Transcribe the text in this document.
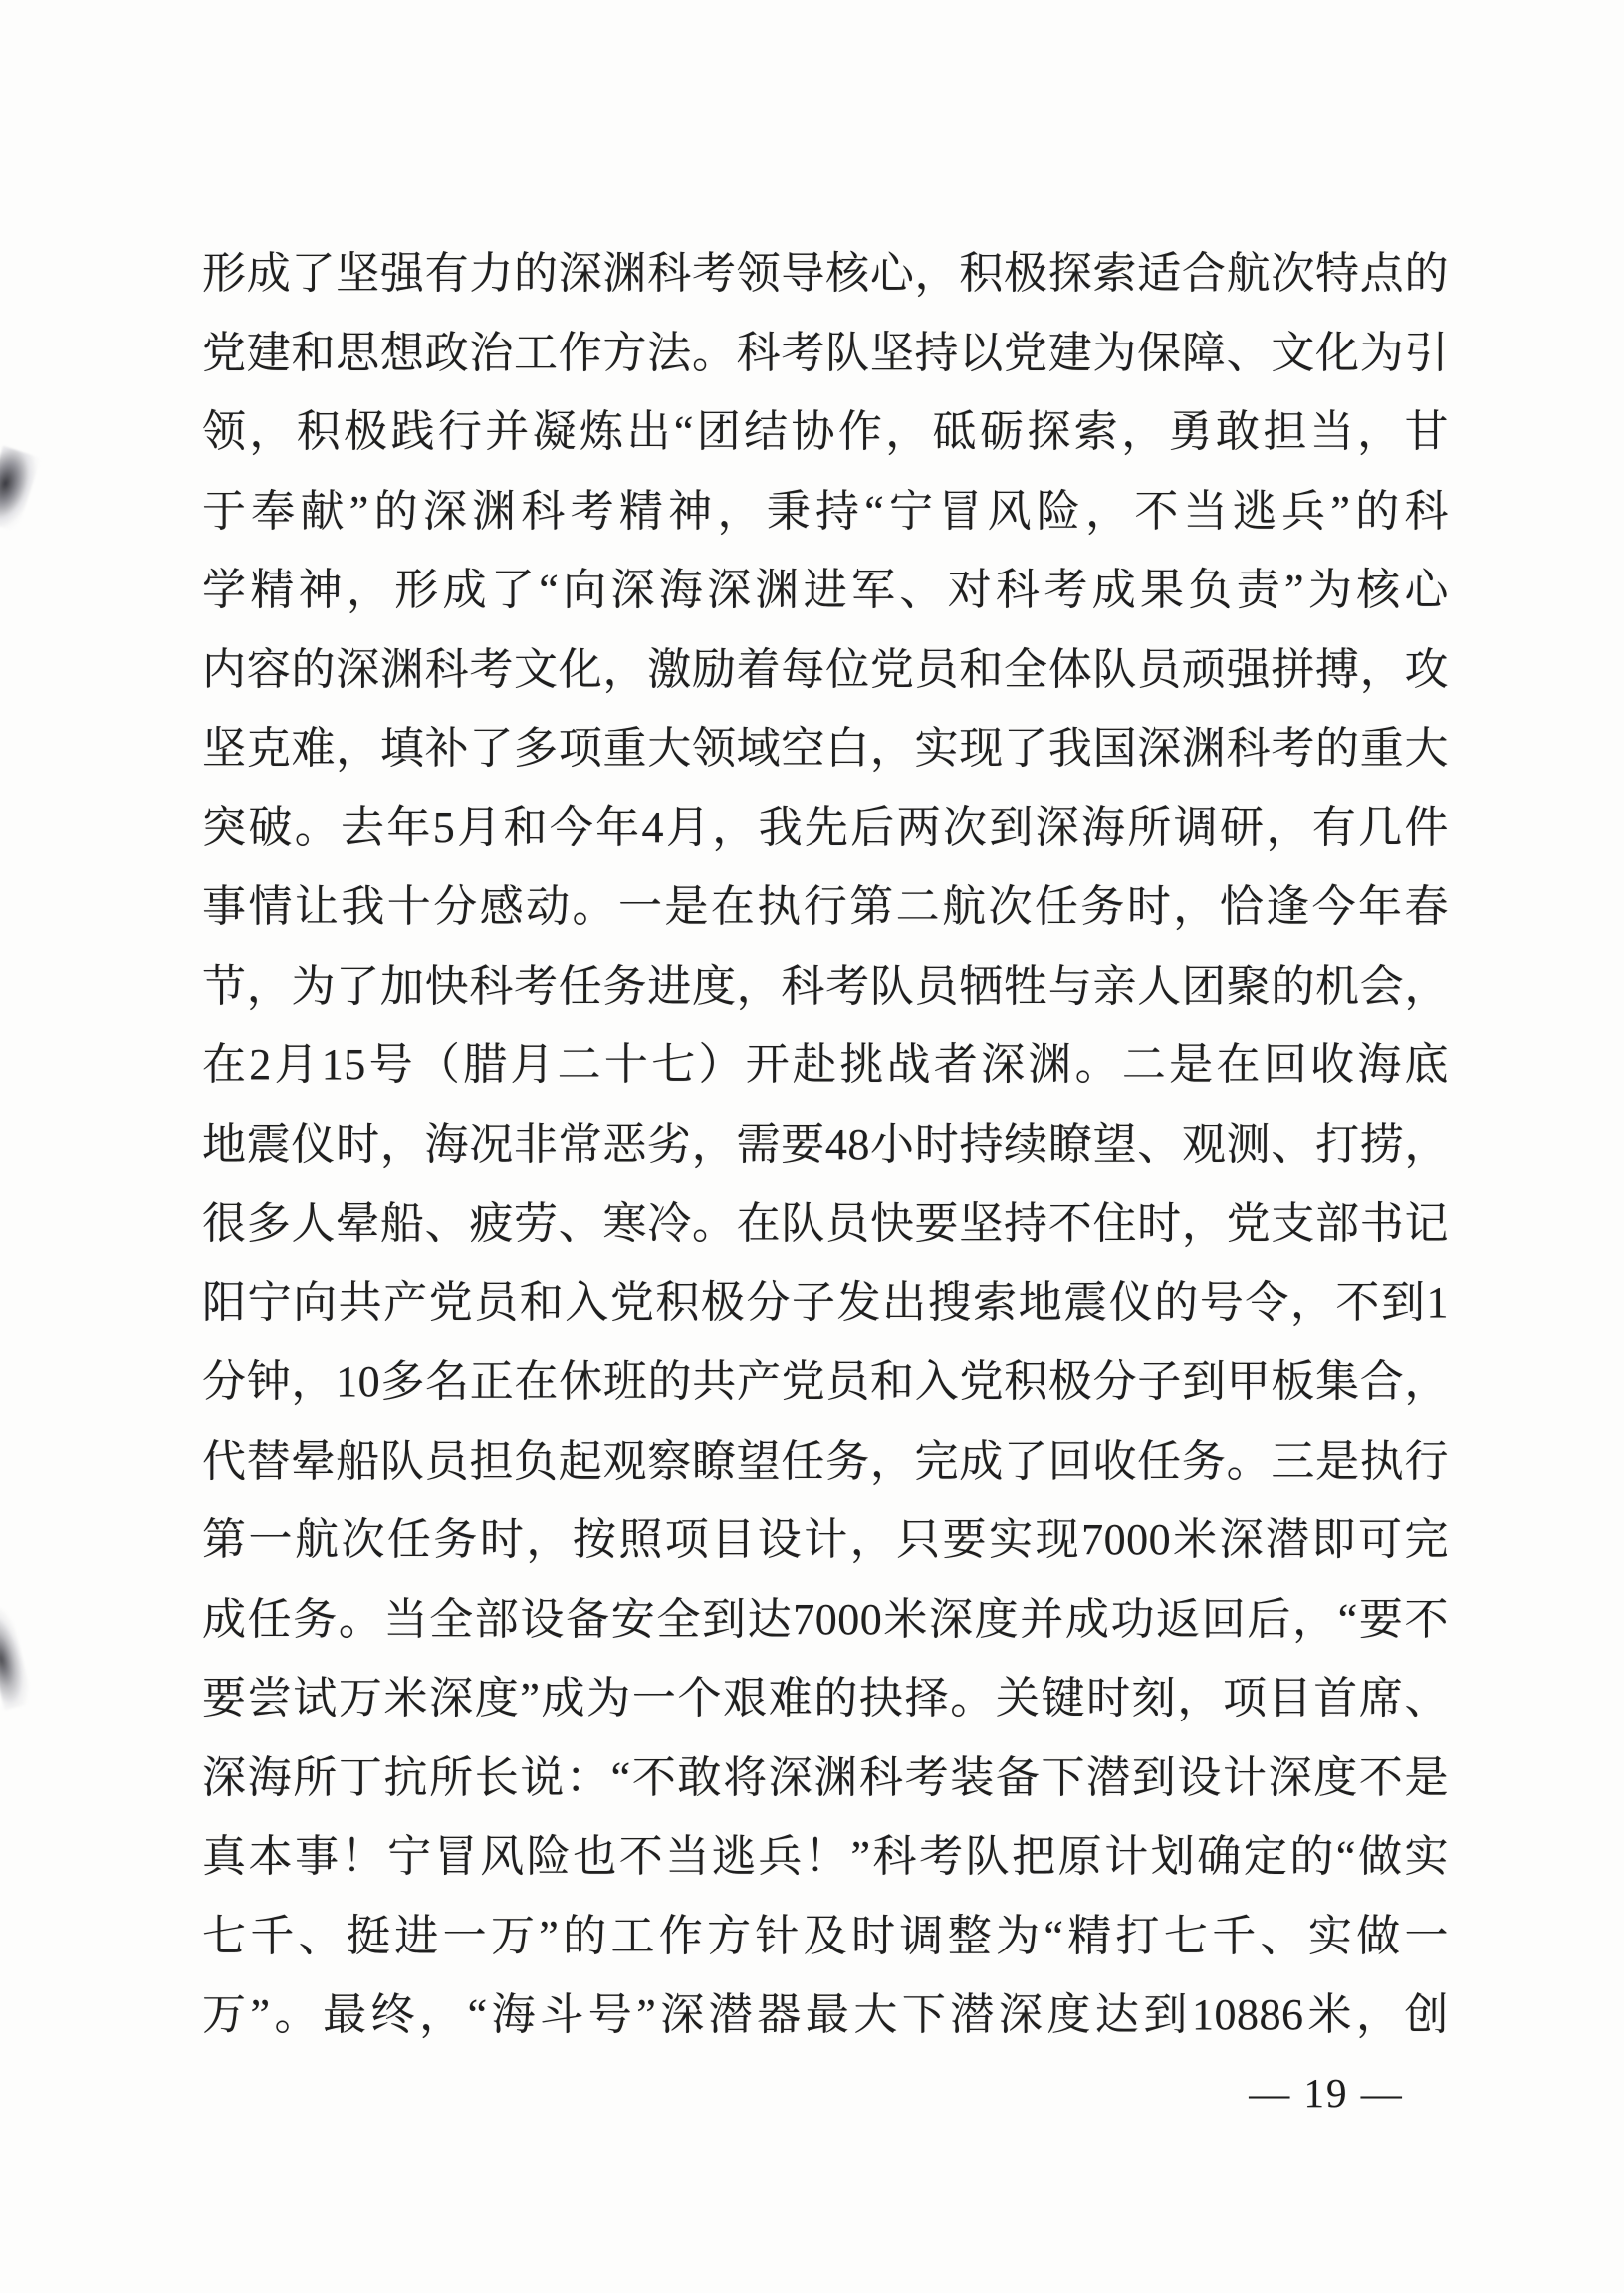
形成了坚强有力的深渊科考领导核心，积极探索适合航次特点的
党建和思想政治工作方法。科考队坚持以党建为保障、文化为引
领，积极践行并凝炼出“团结协作，砥砺探索，勇敢担当，甘
于奉献”的深渊科考精神，秉持“宁冒风险，不当逃兵”的科
学精神，形成了“向深海深渊进军、对科考成果负责”为核心
内容的深渊科考文化，激励着每位党员和全体队员顽强拼搏，攻
坚克难，填补了多项重大领域空白，实现了我国深渊科考的重大
突破。去年5月和今年4月，我先后两次到深海所调研，有几件
事情让我十分感动。一是在执行第二航次任务时，恰逢今年春
节，为了加快科考任务进度，科考队员牺牲与亲人团聚的机会，
在2月15号（腊月二十七）开赴挑战者深渊。二是在回收海底
地震仪时，海况非常恶劣，需要48小时持续瞭望、观测、打捞，
很多人晕船、疲劳、寒冷。在队员快要坚持不住时，党支部书记
阳宁向共产党员和入党积极分子发出搜索地震仪的号令，不到1
分钟，10多名正在休班的共产党员和入党积极分子到甲板集合，
代替晕船队员担负起观察瞭望任务，完成了回收任务。三是执行
第一航次任务时，按照项目设计，只要实现7000米深潜即可完
成任务。当全部设备安全到达7000米深度并成功返回后，“要不
要尝试万米深度”成为一个艰难的抉择。关键时刻，项目首席、
深海所丁抗所长说：“不敢将深渊科考装备下潜到设计深度不是
真本事！宁冒风险也不当逃兵！”科考队把原计划确定的“做实
七千、挺进一万”的工作方针及时调整为“精打七千、实做一
万”。最终，“海斗号”深潜器最大下潜深度达到10886米，创
— 19 —
